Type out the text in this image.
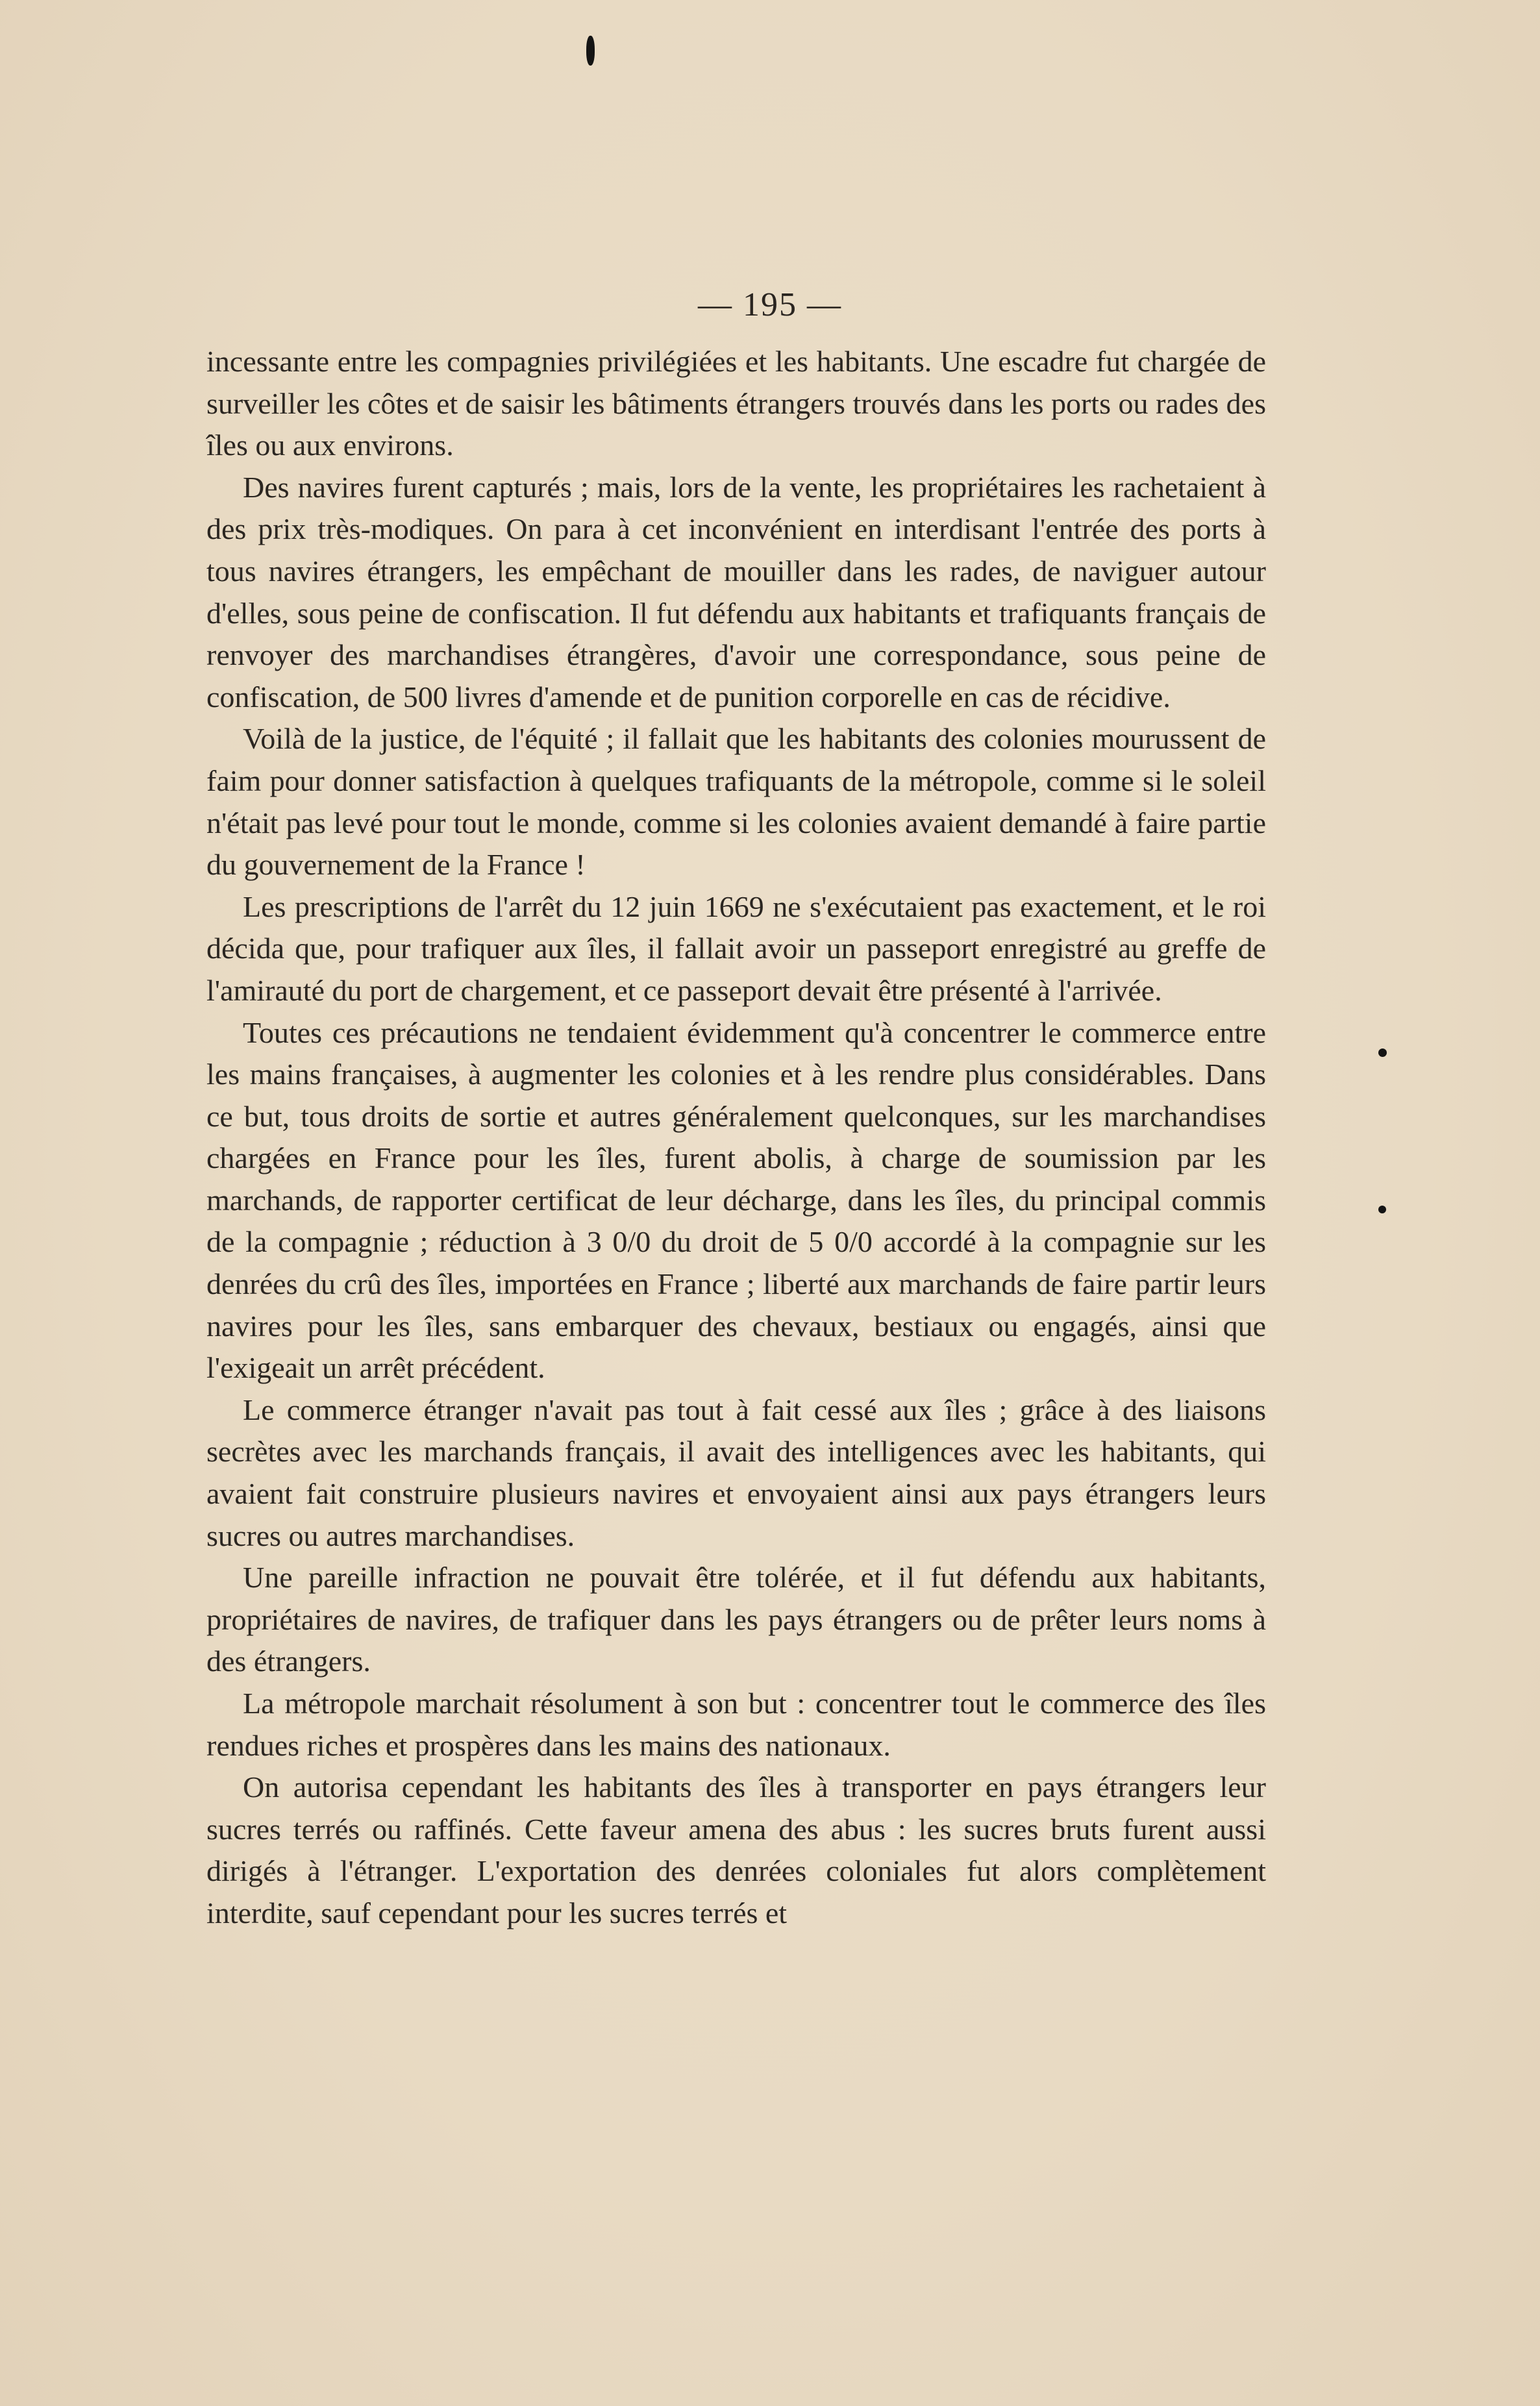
— 195 —

incessante entre les compagnies privilégiées et les habitants. Une escadre fut chargée de surveiller les côtes et de saisir les bâtiments étrangers trouvés dans les ports ou rades des îles ou aux environs.

Des navires furent capturés ; mais, lors de la vente, les propriétaires les rachetaient à des prix très-modiques. On para à cet inconvénient en interdisant l'entrée des ports à tous navires étrangers, les empêchant de mouiller dans les rades, de naviguer autour d'elles, sous peine de confiscation. Il fut défendu aux habitants et trafiquants français de renvoyer des marchandises étrangères, d'avoir une correspondance, sous peine de confiscation, de 500 livres d'amende et de punition corporelle en cas de récidive.

Voilà de la justice, de l'équité ; il fallait que les habitants des colonies mourussent de faim pour donner satisfaction à quelques trafiquants de la métropole, comme si le soleil n'était pas levé pour tout le monde, comme si les colonies avaient demandé à faire partie du gouvernement de la France !

Les prescriptions de l'arrêt du 12 juin 1669 ne s'exécutaient pas exactement, et le roi décida que, pour trafiquer aux îles, il fallait avoir un passeport enregistré au greffe de l'amirauté du port de chargement, et ce passeport devait être présenté à l'arrivée.

Toutes ces précautions ne tendaient évidemment qu'à concentrer le commerce entre les mains françaises, à augmenter les colonies et à les rendre plus considérables. Dans ce but, tous droits de sortie et autres généralement quelconques, sur les marchandises chargées en France pour les îles, furent abolis, à charge de soumission par les marchands, de rapporter certificat de leur décharge, dans les îles, du principal commis de la compagnie ; réduction à 3 0/0 du droit de 5 0/0 accordé à la compagnie sur les denrées du crû des îles, importées en France ; liberté aux marchands de faire partir leurs navires pour les îles, sans embarquer des chevaux, bestiaux ou engagés, ainsi que l'exigeait un arrêt précédent.

Le commerce étranger n'avait pas tout à fait cessé aux îles ; grâce à des liaisons secrètes avec les marchands français, il avait des intelligences avec les habitants, qui avaient fait construire plusieurs navires et envoyaient ainsi aux pays étrangers leurs sucres ou autres marchandises.

Une pareille infraction ne pouvait être tolérée, et il fut défendu aux habitants, propriétaires de navires, de trafiquer dans les pays étrangers ou de prêter leurs noms à des étrangers.

La métropole marchait résolument à son but : concentrer tout le commerce des îles rendues riches et prospères dans les mains des nationaux.

On autorisa cependant les habitants des îles à transporter en pays étrangers leur sucres terrés ou raffinés. Cette faveur amena des abus : les sucres bruts furent aussi dirigés à l'étranger. L'exportation des denrées coloniales fut alors complètement interdite, sauf cependant pour les sucres terrés et
